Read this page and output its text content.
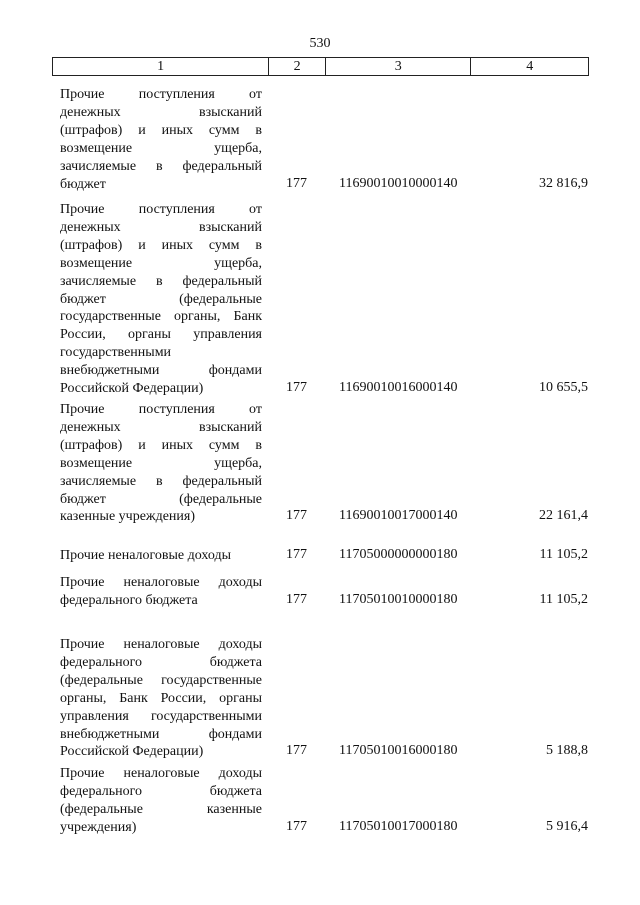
530
1	2	3	4
Прочие поступления от
денежных взысканий
(штрафов) и иных сумм в
возмещение ущерба,
зачисляемые в федеральный
бюджет	177 11690010010000140	32 816,9
Прочие поступления от
денежных взысканий
(штрафов) и иных сумм в
возмещение ущерба,
зачисляемые в федеральный
бюджет (федеральные
государственные органы, Банк
России, органы управления
государственными
внебюджетными фондами
Российской Федерации)	177 11690010016000140	10 655,5
Прочие поступления от
денежных взысканий
(штрафов) и иных сумм в
возмещение ущерба,
зачисляемые в федеральный
бюджет (федеральные
казенные учреждения)	177 11690010017000140	22 161,4
Прочие неналоговые доходы	177 11705000000000180	11 105,2
Прочие неналоговые доходы
федерального бюджета	177 11705010010000180	11 105,2
Прочие неналоговые доходы
федерального бюджета
(федеральные государственные
органы, Банк России, органы
управления государственными
внебюджетными фондами
Российской Федерации)	177 11705010016000180	5 188,8
Прочие неналоговые доходы
федерального бюджета
(федеральные казенные
учреждения)	177 11705010017000180	5 916,4
